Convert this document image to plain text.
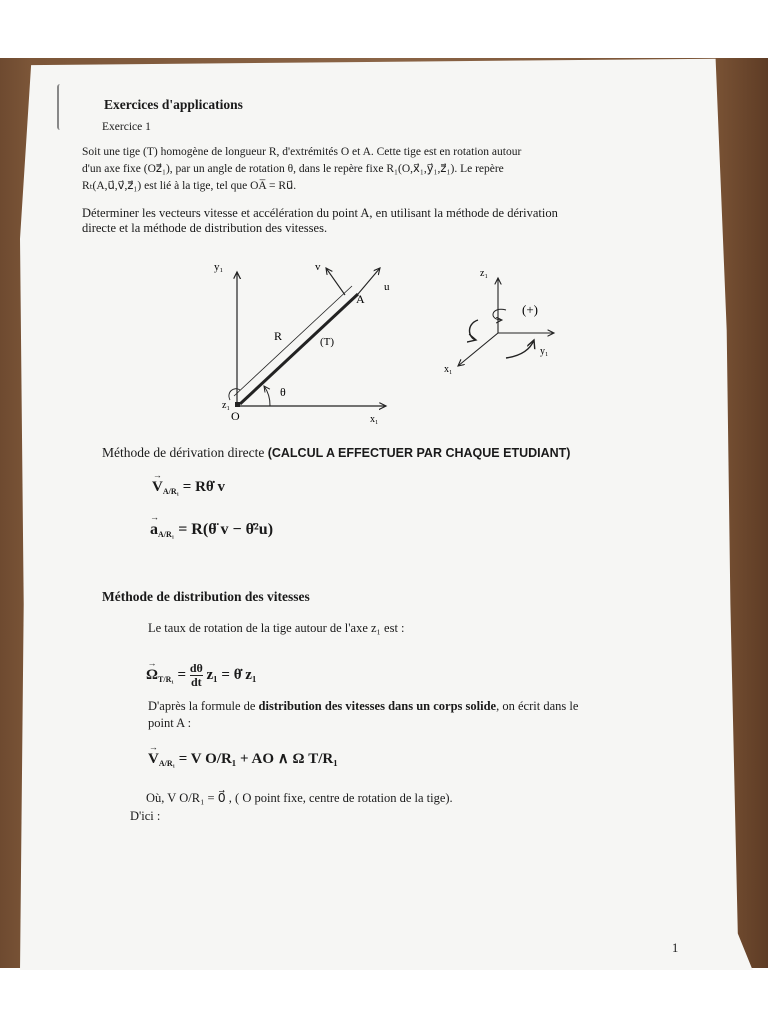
Exercices d'applications
Exercice 1
Soit une tige (T) homogène de longueur R, d'extrémités O et A. Cette tige est en rotation autour
d'un axe fixe (Oz⃗₁), par un angle de rotation θ, dans le repère fixe R₁(O,x⃗₁,y⃗₁,z⃗₁). Le repère
Rₜ(A,u⃗,v⃗,z⃗₁) est lié à la tige, tel que OA̅ = Ru⃗.
Déterminer les vecteurs vitesse et accélération du point A, en utilisant la méthode de dérivation
directe et la méthode de distribution des vitesses.
y₁
x₁
z₁
v
u
A
O
R	(T)
θ
z₁
y₁
x₁
(+)
Méthode de dérivation directe (CALCUL A EFFECTUER PAR CHAQUE ETUDIANT)
→ $V_{A/R_1}$ = Rθ̇ v
→ $a_{A/R_1}$ = R(θ̈ v − θ̇²u)
Méthode de distribution des vitesses
Le taux de rotation de la tige autour de l'axe z₁ est :
→ $\Omega_{T/R_1} = \frac{d\theta}{dt} z_1$ = θ̇ z₁
D'après la formule de distribution des vitesses dans un corps solide, on écrit dans le
point A :
→ $V_{A/R_1} = V$ O/R₁ + AO ∧ Ω T/R₁
Où, V O/R₁ = 0⃗ , ( O point fixe, centre de rotation de la tige).
D'ici :
1
